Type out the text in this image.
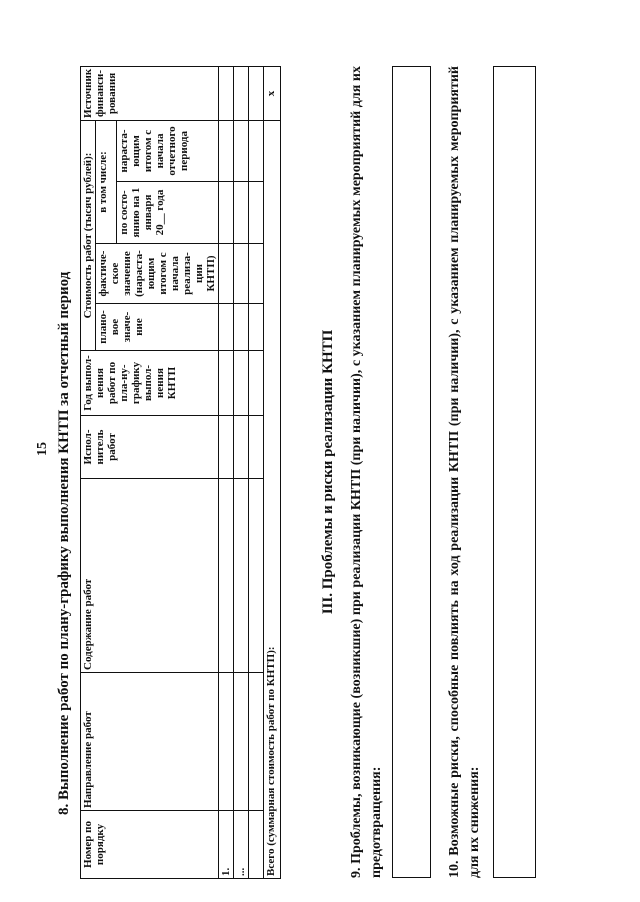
15 8. Выполнение работ по плану-графику выполнения КНТП за отчетный период
Номер по порядку	Направление работ	Содержание работ	Испол-нитель работ	Год выпол-нения работ по пла-ну-графику выпол-нения КНТП	Стоимость работ (тысяч рублей):				Источник финанси-рования
					плано-вое значе-ние	фактиче-ское значение (нараста-ющим итогом с начала реализа-ции КНТП)	в том числе:		
							по состо-янию на 1 января 20__ года	нараста-ющим итогом с начала отчетного периода	

1.									
...									

Всего (суммарная стоимость работ по КНТП):									х
III. Проблемы и риски реализации КНТП 9. Проблемы, возникающие (возникшие) при реализации КНТП (при наличии), с указанием планируемых мероприятий для их предотвращения:	10. Возможные риски, способные повлиять на ход реализации КНТП (при наличии), с указанием планируемых мероприятий для их снижения:
